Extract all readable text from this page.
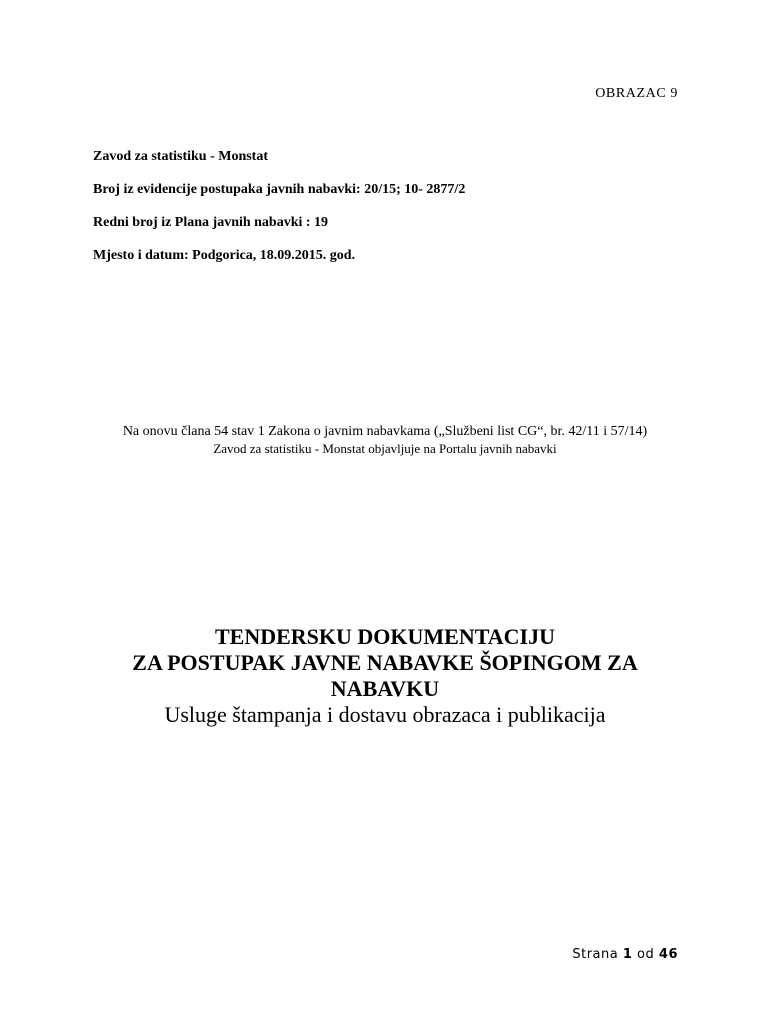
OBRAZAC 9

Zavod za statistiku - Monstat

Broj iz evidencije postupaka javnih nabavki: 20/15; 10- 2877/2

Redni broj iz Plana javnih nabavki : 19

Mjesto i datum: Podgorica, 18.09.2015. god.

Na onovu člana 54 stav 1 Zakona o javnim nabavkama („Službeni list CG“, br. 42/11 i 57/14)
Zavod za statistiku - Monstat objavljuje na Portalu javnih nabavki

TENDERSKU DOKUMENTACIJU

ZA POSTUPAK JAVNE NABAVKE ŠOPINGOM ZA

NABAVKU

Usluge štampanja i dostavu obrazaca i publikacija

Strana 1 od 46
